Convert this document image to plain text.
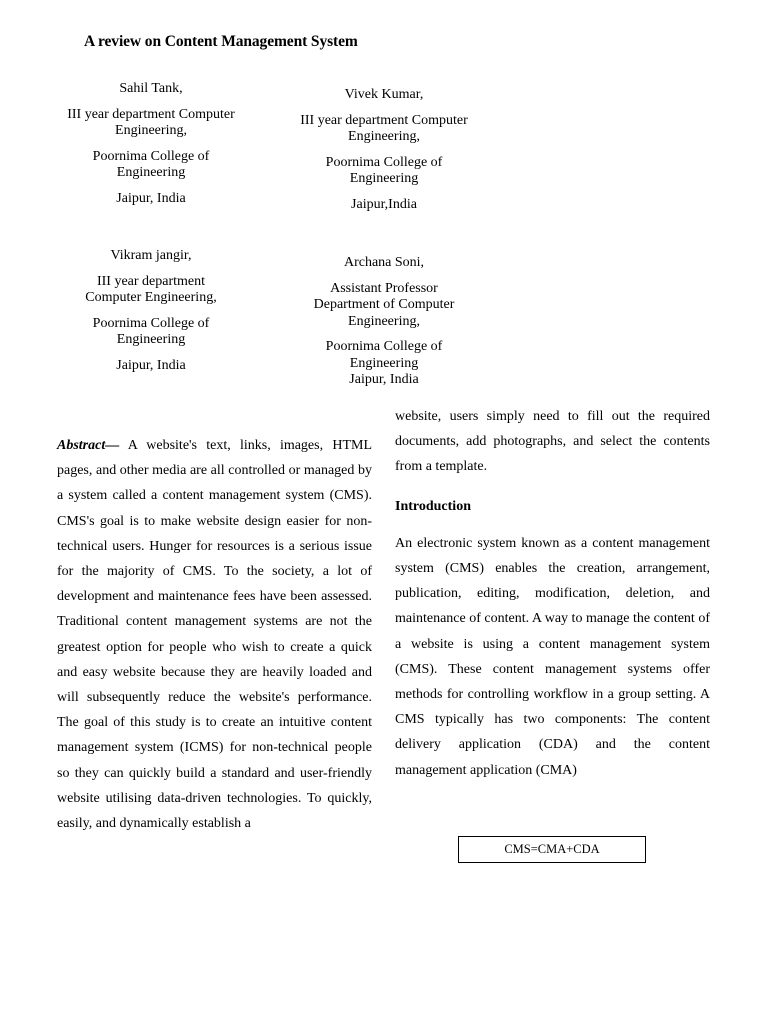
A review on Content Management System

Sahil Tank,

III year department Computer

Engineering,

Poornima College of

Engineering

Jaipur, India

Vivek Kumar,

III year department Computer

Engineering,

Poornima College of

Engineering

Jaipur,India

Vikram jangir,

III year department

Computer Engineering,

Poornima College of

Engineering

Jaipur, India

Archana Soni,

Assistant Professor

Department of Computer

Engineering,

Poornima College of

Engineering

Jaipur, India

Abstract— A website's text, links, images, HTML pages, and other media are all controlled or managed by a system called a content management system (CMS). CMS's goal is to make website design easier for non-technical users. Hunger for resources is a serious issue for the majority of CMS. To the society, a lot of development and maintenance fees have been assessed. Traditional content management systems are not the greatest option for people who wish to create a quick and easy website because they are heavily loaded and will subsequently reduce the website's performance. The goal of this study is to create an intuitive content management system (ICMS) for non-technical people so they can quickly build a standard and user-friendly website utilising data-driven technologies. To quickly, easily, and dynamically establish a

website, users simply need to fill out the required documents, add photographs, and select the contents from a template.

Introduction

An electronic system known as a content management system (CMS) enables the creation, arrangement, publication, editing, modification, deletion, and maintenance of content. A way to manage the content of a website is using a content management system (CMS). These content management systems offer methods for controlling workflow in a group setting. A CMS typically has two components: The content delivery application (CDA) and the content management application (CMA)

CMS=CMA+CDA
